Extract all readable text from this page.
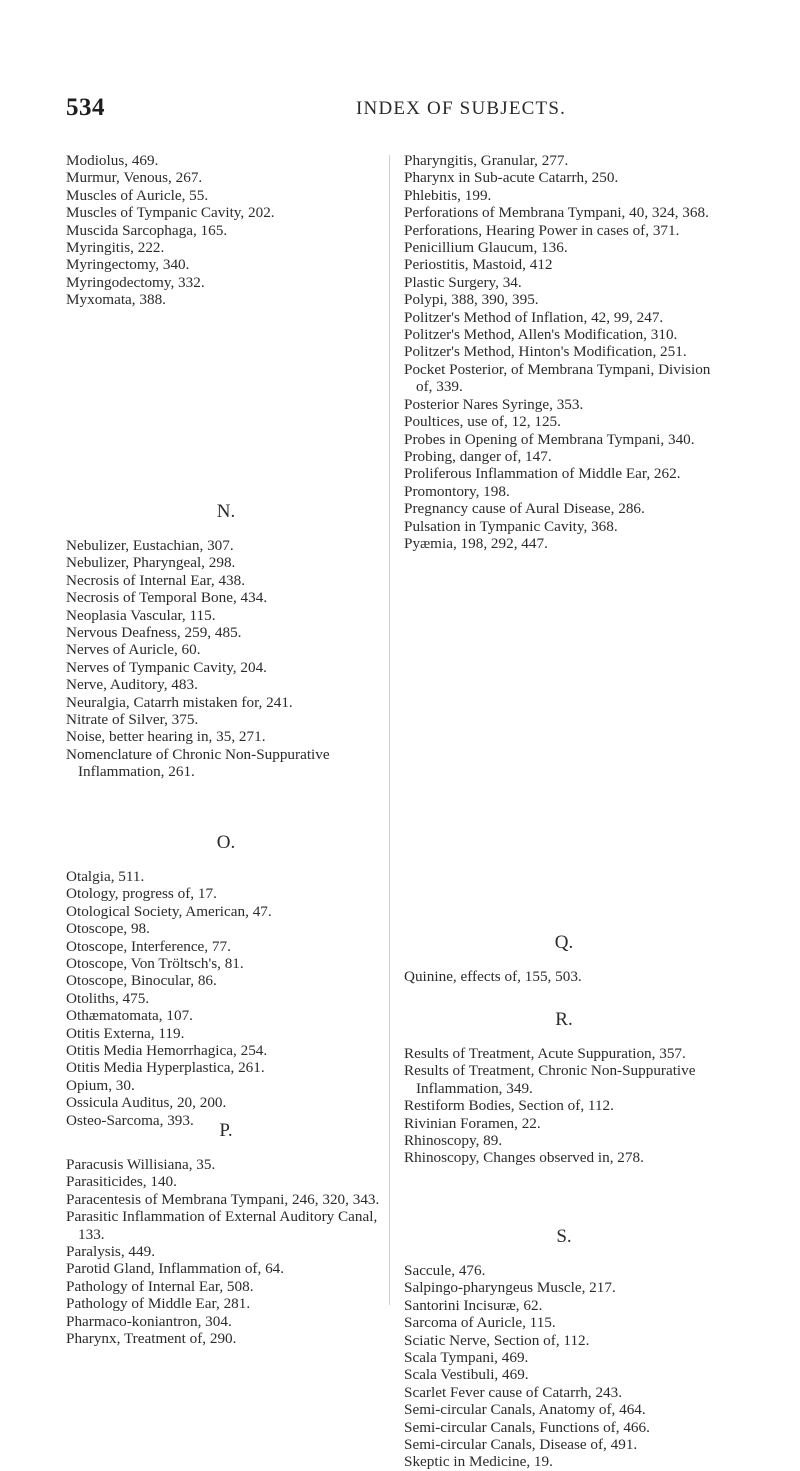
534	INDEX OF SUBJECTS.

Modiolus, 469.

Murmur, Venous, 267.

Muscles of Auricle, 55.

Muscles of Tympanic Cavity, 202.

Muscida Sarcophaga, 165.

Myringitis, 222.

Myringectomy, 340.

Myringodectomy, 332.

Myxomata, 388.

N.

Nebulizer, Eustachian, 307.

Nebulizer, Pharyngeal, 298.

Necrosis of Internal Ear, 438.

Necrosis of Temporal Bone, 434.

Neoplasia Vascular, 115.

Nervous Deafness, 259, 485.

Nerves of Auricle, 60.

Nerves of Tympanic Cavity, 204.

Nerve, Auditory, 483.

Neuralgia, Catarrh mistaken for, 241.

Nitrate of Silver, 375.

Noise, better hearing in, 35, 271.

Nomenclature of Chronic Non-Suppurative Inflammation, 261.

O.

Otalgia, 511.

Otology, progress of, 17.

Otological Society, American, 47.

Otoscope, 98.

Otoscope, Interference, 77.

Otoscope, Von Tröltsch's, 81.

Otoscope, Binocular, 86.

Otoliths, 475.

Othæmatomata, 107.

Otitis Externa, 119.

Otitis Media Hemorrhagica, 254.

Otitis Media Hyperplastica, 261.

Opium, 30.

Ossicula Auditus, 20, 200.

Osteo-Sarcoma, 393.	P.

Paracusis Willisiana, 35.

Parasiticides, 140.

Paracentesis of Membrana Tympani, 246, 320, 343.

Parasitic Inflammation of External Auditory Canal, 133.

Paralysis, 449.

Parotid Gland, Inflammation of, 64.

Pathology of Internal Ear, 508.

Pathology of Middle Ear, 281.

Pharmaco-koniantron, 304.

Pharynx, Treatment of, 290.

Pharyngitis, Granular, 277.

Pharynx in Sub-acute Catarrh, 250.

Phlebitis, 199.

Perforations of Membrana Tympani, 40, 324, 368.

Perforations, Hearing Power in cases of, 371.

Penicillium Glaucum, 136.

Periostitis, Mastoid, 412

Plastic Surgery, 34.

Polypi, 388, 390, 395.

Politzer's Method of Inflation, 42, 99, 247.

Politzer's Method, Allen's Modification, 310.

Politzer's Method, Hinton's Modification, 251.

Pocket Posterior, of Membrana Tympani, Division of, 339.

Posterior Nares Syringe, 353.

Poultices, use of, 12, 125.

Probes in Opening of Membrana Tympani, 340.

Probing, danger of, 147.

Proliferous Inflammation of Middle Ear, 262.

Promontory, 198.

Pregnancy cause of Aural Disease, 286.

Pulsation in Tympanic Cavity, 368.

Pyæmia, 198, 292, 447.

Q.

Quinine, effects of, 155, 503.

R.

Results of Treatment, Acute Suppuration, 357.

Results of Treatment, Chronic Non-Suppurative Inflammation, 349.

Restiform Bodies, Section of, 112.

Rivinian Foramen, 22.

Rhinoscopy, 89.

Rhinoscopy, Changes observed in, 278.

S.

Saccule, 476.

Salpingo-pharyngeus Muscle, 217.

Santorini Incisuræ, 62.

Sarcoma of Auricle, 115.

Sciatic Nerve, Section of, 112.

Scala Tympani, 469.

Scala Vestibuli, 469.

Scarlet Fever cause of Catarrh, 243.

Semi-circular Canals, Anatomy of, 464.

Semi-circular Canals, Functions of, 466.

Semi-circular Canals, Disease of, 491.

Skeptic in Medicine, 19.
